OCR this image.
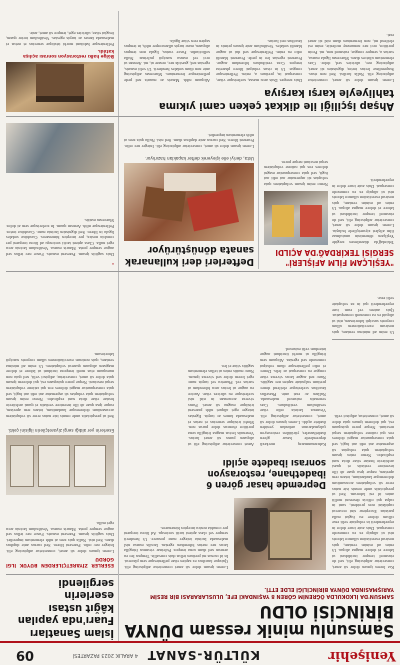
Yenişehir
KÜLTÜR-SANAT
4 ARALIK 2023 PAZARTESİ
09
Samsunlu minik ressam DÜNYA BİRİNCİSİ OLDU
SAMSUN'DA İLKOKULDA ÖĞRENİM GÖREN 8 YAŞINDAKİ EFE, ULUSLARARASI BİR RESİM YARIŞMASINDA DÜNYA BİRİNCİLİĞİ ELDE ETTİ.
İslam Sanatları Fuarı'nda yapılan kâğıt ustası eserlerin sergilendi
Kız lorem ipsum dolor sit amet, consectetur adipiscing elit, sed do eiusmod tempor incididunt ut labore et dolore magna aliqua. Ut enim ad minim veniam, quis nostrud exercitation ullamco laboris nisi ut aliquip ex ea commodo consequat. Duis aute irure dolor in reprehenderit in voluptate velit esse cillum dolore eu fugiat nulla pariatur. Excepteur sint occaecat cupidatat non proident, sunt in culpa qui officia deserunt mollit anim id est laborum. Sed ut perspiciatis unde omnis iste natus error sit voluptatem accusantium doloremque laudantium, totam rem aperiam, eaque ipsa quae ab illo inventore veritatis et quasi architecto beatae vitae dicta sunt explicabo. Nemo enim ipsam voluptatem quia voluptas sit aspernatur aut odit aut fugit, sed quia consequuntur magni dolores eos qui ratione voluptatem sequi nesciunt. Neque porro quisquam est, qui dolorem ipsum quia dolor sit amet, consectetur, adipisci velit.
Lorem ipsum dolor sit amet consectetur adipiscing elit. Quisque faucibus ex sapien vitae pellentesque sem placerat. In id cursus mi pretium tellus duis convallis. Tempus leo eu aenean sed diam urna tempor. Pulvinar vivamus fringilla lacus nec metus bibendum egestas. Iaculis massa nisl malesuada lacinia integer nunc posuere. Ut hendrerit semper vel class aptent taciti sociosqu. Ad litora torquent per conubia nostra inceptos himenaeos.
Depremde hasar gören 6 ibadethane, restorasyon sonrası ibadete açıldı
Kahramanmaraş merkezli depremlerde hasar gören ibadethaneler, yürütülen restorasyon çalışmalarının ardından yeniden ibadete açıldı. Lorem ipsum dolor sit amet, consectetur adipiscing elit. Vivamus lacinia odio vitae vestibulum vestibulum. Cras venenatis euismod malesuada. Nullam ac erat ante. Phasellus faucibus scelerisque eleifend donec pretium vulputate sapien nec sagittis. Nunc sed augue lacus viverra vitae congue eu consequat ac felis. Donec et odio pellentesque diam volutpat commodo sed egestas. Aliquam sem fringilla ut morbi tincidunt augue interdum velit euismod.
Amet consectetur adipiscing elit ut aliquam purus sit amet luctus. Venenatis lectus magna fringilla urna porttitor rhoncus dolor purus non. Morbi tristique senectus et netus et malesuada fames ac turpis. Egestas integer eget aliquet nibh praesent tristique magna sit amet. Purus viverra accumsan in nisl nisi scelerisque eu ultrices vitae. Auctor eu augue ut lectus arcu bibendum at varius vel. Pharetra vel turpis nunc eget lorem dolor sed viverra ipsum. Nunc mattis enim ut tellus elementum sagittis vitae et leo.
ESERLER ZİYARETÇİLERDEN BÜYÜK İLGİ GÖRDÜ
Lorem ipsum dolor sit amet, consectetur adipiscing elit. Integer nec odio. Praesent libero. Sed cursus ante dapibus diam. Sed nisi. Nulla quis sem at nibh elementum imperdiet. Duis sagittis ipsum. Praesent mauris. Fusce nec tellus sed augue semper porta. Mauris massa. Vestibulum lacinia arcu eget nulla.
Eserlerin yer aldığı sergi ziyaretçilerin ilgisini çekti.
Sed ut perspiciatis unde omnis iste natus error sit voluptatem accusantium doloremque laudantium, totam rem aperiam, eaque ipsa quae ab illo inventore veritatis et quasi architecto beatae vitae dicta sunt explicabo. Nemo enim ipsam voluptatem quia voluptas sit aspernatur aut odit aut fugit, sed quia consequuntur magni dolores eos qui ratione voluptatem sequi nesciunt. Neque porro quisquam est, qui dolorem ipsum quia dolor sit amet, consectetur, adipisci velit, sed quia non numquam eius modi tempora incidunt ut labore et dolore magnam aliquam quaerat voluptatem. Ut enim ad minima veniam, quis nostrum exercitationem ullam corporis suscipit laboriosam.
Ut enim ad minima veniam, quis nostrum exercitationem ullam corporis suscipit laboriosam, nisi ut aliquid ex ea commodi consequatur. Quis autem vel eum iure reprehenderit qui in ea voluptate velit esse.
"YEŞİLÇAM FİLM AFİŞLERİ" SERGİSİ TEKİRDAĞ'DA AÇILDI
Tekirdağ'da düzenlenen sergide Yeşilçam döneminin unutulmaz film afişleri ziyaretçilerle buluştu. Lorem ipsum dolor sit amet, consectetur adipiscing elit, sed do eiusmod tempor incididunt ut labore et dolore magna aliqua. Ut enim ad minim veniam, quis nostrud exercitation ullamco laboris nisi ut aliquip ex ea commodo consequat. Duis aute irure dolor in reprehenderit.
Nemo enim ipsam voluptatem quia voluptas sit aspernatur aut odit aut fugit, sed quia consequuntur magni dolores eos qui ratione voluptatem sequi nesciunt neque porro.
Defterleri deri kullanarak sanata dönüştürüyor
Usta, deriyi elle işleyerek defter kapakları hazırlıyor.
Lorem ipsum dolor sit amet, consectetur adipiscing elit. Integer nec odio. Praesent libero. Sed cursus ante dapibus diam. Sed nisi. Nulla quis sem at nibh elementum imperdiet.
"
Duis sagittis ipsum. Praesent mauris. Fusce nec tellus sed augue semper porta. Mauris massa. Vestibulum lacinia arcu eget nulla. Class aptent taciti sociosqu ad litora torquent per conubia nostra, per inceptos himenaeos. Curabitur sodales ligula in libero. Sed dignissim lacinia nunc. Curabitur tortor. Pellentesque nibh. Aenean quam. In scelerisque sem at dolor. Maecenas mattis.
Ahşap işçiliği ile dikkat çeken cami yıkıma tahliyeyle karşı karşıya
Lorem ipsum dolor sit amet, consectetur adipiscing elit. Nulla facilisi. Sed non risus. Suspendisse lectus tortor, dignissim sit amet, adipiscing nec, ultricies sed, dolor. Cras elementum ultrices diam. Maecenas ligula massa, varius a, semper congue, euismod non, mi. Proin porttitor, orci nec nonummy molestie, enim est eleifend mi, non fermentum diam nisl sit amet erat.
Duis semper. Duis arcu massa, scelerisque vitae, consequat in, pretium a, enim. Pellentesque congue. Ut in risus volutpat libero pharetra tempor. Cras vestibulum bibendum augue. Praesent egestas leo in pede. Praesent blandit odio eu enim. Pellentesque sed dui ut augue blandit sodales. Vestibulum ante ipsum primis in faucibus orci luctus.
Aliquam nibh. Mauris ac mauris sed pede pellentesque fermentum. Maecenas adipiscing ante non diam sodales hendrerit. Ut velit mauris, egestas sed, gravida nec, ornare ut, mi. Aenean ut orci vel massa suscipit pulvinar. Nulla sollicitudin. Fusce varius, ligula non tempus aliquam, nunc turpis ullamcorper nibh, in tempus sapien eros vitae ligula.
Bölge halkı restorasyon sonrası açılışa katıldı.
Pellentesque habitant morbi tristique senectus et netus et malesuada fames ac turpis egestas. Vestibulum tortor quam, feugiat vitae, ultricies eget, tempor sit amet, ante.
